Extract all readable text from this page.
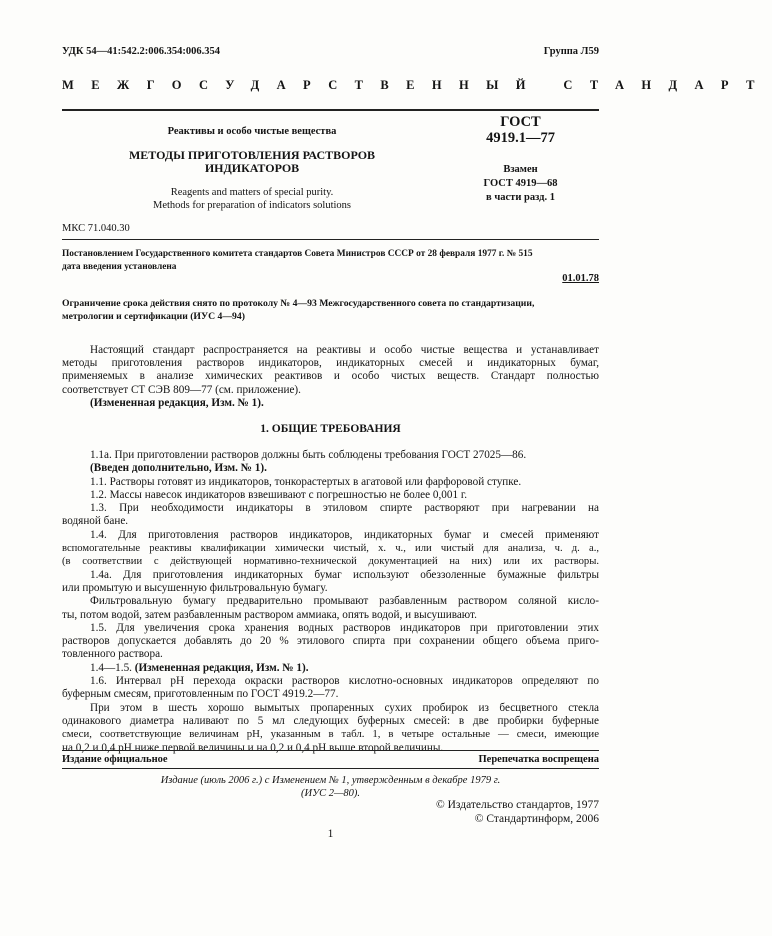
УДК 54—41:542.2:006.354:006.354	Группа Л59
МЕЖГОСУДАРСТВЕННЫЙ СТАНДАРТ
Реактивы и особо чистые вещества
МЕТОДЫ ПРИГОТОВЛЕНИЯ РАСТВОРОВ
ИНДИКАТОРОВ
Reagents and matters of special purity.
Methods for preparation of indicators solutions
ГОСТ
4919.1—77
Взамен
ГОСТ 4919—68
в части разд. 1
МКС 71.040.30
Постановлением Государственного комитета стандартов Совета Министров СССР от 28 февраля 1977 г. № 515
дата введения установлена
01.01.78
Ограничение срока действия снято по протоколу № 4—93 Межгосударственного совета по стандартизации,
метрологии и сертификации (ИУС 4—94)
Настоящий стандарт распространяется на реактивы и особо чистые вещества и устанавливает
методы приготовления растворов индикаторов, индикаторных смесей и индикаторных бумаг,
применяемых в анализе химических реактивов и особо чистых веществ. Стандарт полностью
соответствует СТ СЭВ 809—77 (см. приложение).
(Измененная редакция, Изм. № 1).
1. ОБЩИЕ ТРЕБОВАНИЯ
1.1а. При приготовлении растворов должны быть соблюдены требования ГОСТ 27025—86.
(Введен дополнительно, Изм. № 1).
1.1. Растворы готовят из индикаторов, тонкорастертых в агатовой или фарфоровой ступке.
1.2. Массы навесок индикаторов взвешивают с погрешностью не более 0,001 г.
1.3. При необходимости индикаторы в этиловом спирте растворяют при нагревании на
водяной бане.
1.4. Для приготовления растворов индикаторов, индикаторных бумаг и смесей применяют
вспомогательные реактивы квалификации химически чистый, х. ч., или чистый для анализа, ч. д. а.,
(в соответствии с действующей нормативно-технической документацией на них) или их растворы.
1.4а. Для приготовления индикаторных бумаг используют обеззоленные бумажные фильтры
или промытую и высушенную фильтровальную бумагу.
Фильтровальную бумагу предварительно промывают разбавленным раствором соляной кисло-
ты, потом водой, затем разбавленным раствором аммиака, опять водой, и высушивают.
1.5. Для увеличения срока хранения водных растворов индикаторов при приготовлении этих
растворов допускается добавлять до 20 % этилового спирта при сохранении общего объема приго-
товленного раствора.
1.4—1.5. (Измененная редакция, Изм. № 1).
1.6. Интервал рН перехода окраски растворов кислотно-основных индикаторов определяют по
буферным смесям, приготовленным по ГОСТ 4919.2—77.
При этом в шесть хорошо вымытых пропаренных сухих пробирок из бесцветного стекла
одинакового диаметра наливают по 5 мл следующих буферных смесей: в две пробирки буферные
смеси, соответствующие величинам рН, указанным в табл. 1, в четыре остальные — смеси, имеющие
на 0,2 и 0,4 рН ниже первой величины и на 0,2 и 0,4 рН выше второй величины.
Издание официальное	Перепечатка воспрещена
Издание (июль 2006 г.) с Изменением № 1, утвержденным в декабре 1979 г.
(ИУС 2—80).
© Издательство стандартов, 1977
© Стандартинформ, 2006
1
